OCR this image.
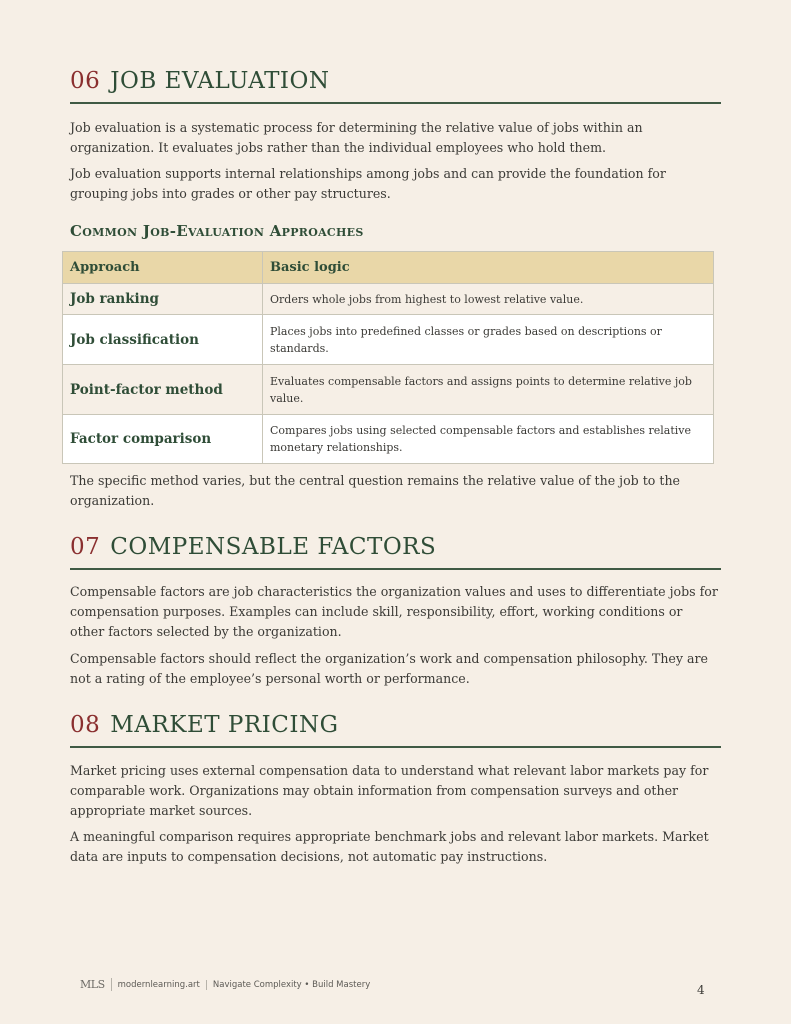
06 JOB EVALUATION

Job evaluation is a systematic process for determining the relative value of jobs within an organization. It evaluates jobs rather than the individual employees who hold them.

Job evaluation supports internal relationships among jobs and can provide the foundation for grouping jobs into grades or other pay structures.

Common Job-Evaluation Approaches
Approach	Basic logic
Job ranking	Orders whole jobs from highest to lowest relative value.
Job classification	Places jobs into predefined classes or grades based on descriptions or standards.
Point-factor method	Evaluates compensable factors and assigns points to determine relative job value.
Factor comparison	Compares jobs using selected compensable factors and establishes relative monetary relationships.

The specific method varies, but the central question remains the relative value of the job to the organization.

07 COMPENSABLE FACTORS

Compensable factors are job characteristics the organization values and uses to differentiate jobs for compensation purposes. Examples can include skill, responsibility, effort, working conditions or other factors selected by the organization.

Compensable factors should reflect the organization’s work and compensation philosophy. They are not a rating of the employee’s personal worth or performance.

08 MARKET PRICING

Market pricing uses external compensation data to understand what relevant labor markets pay for comparable work. Organizations may obtain information from compensation surveys and other appropriate market sources.

A meaningful comparison requires appropriate benchmark jobs and relevant labor markets. Market data are inputs to compensation decisions, not automatic pay instructions.

MLS	modernlearning.art	Navigate Complexity • Build Mastery	4
